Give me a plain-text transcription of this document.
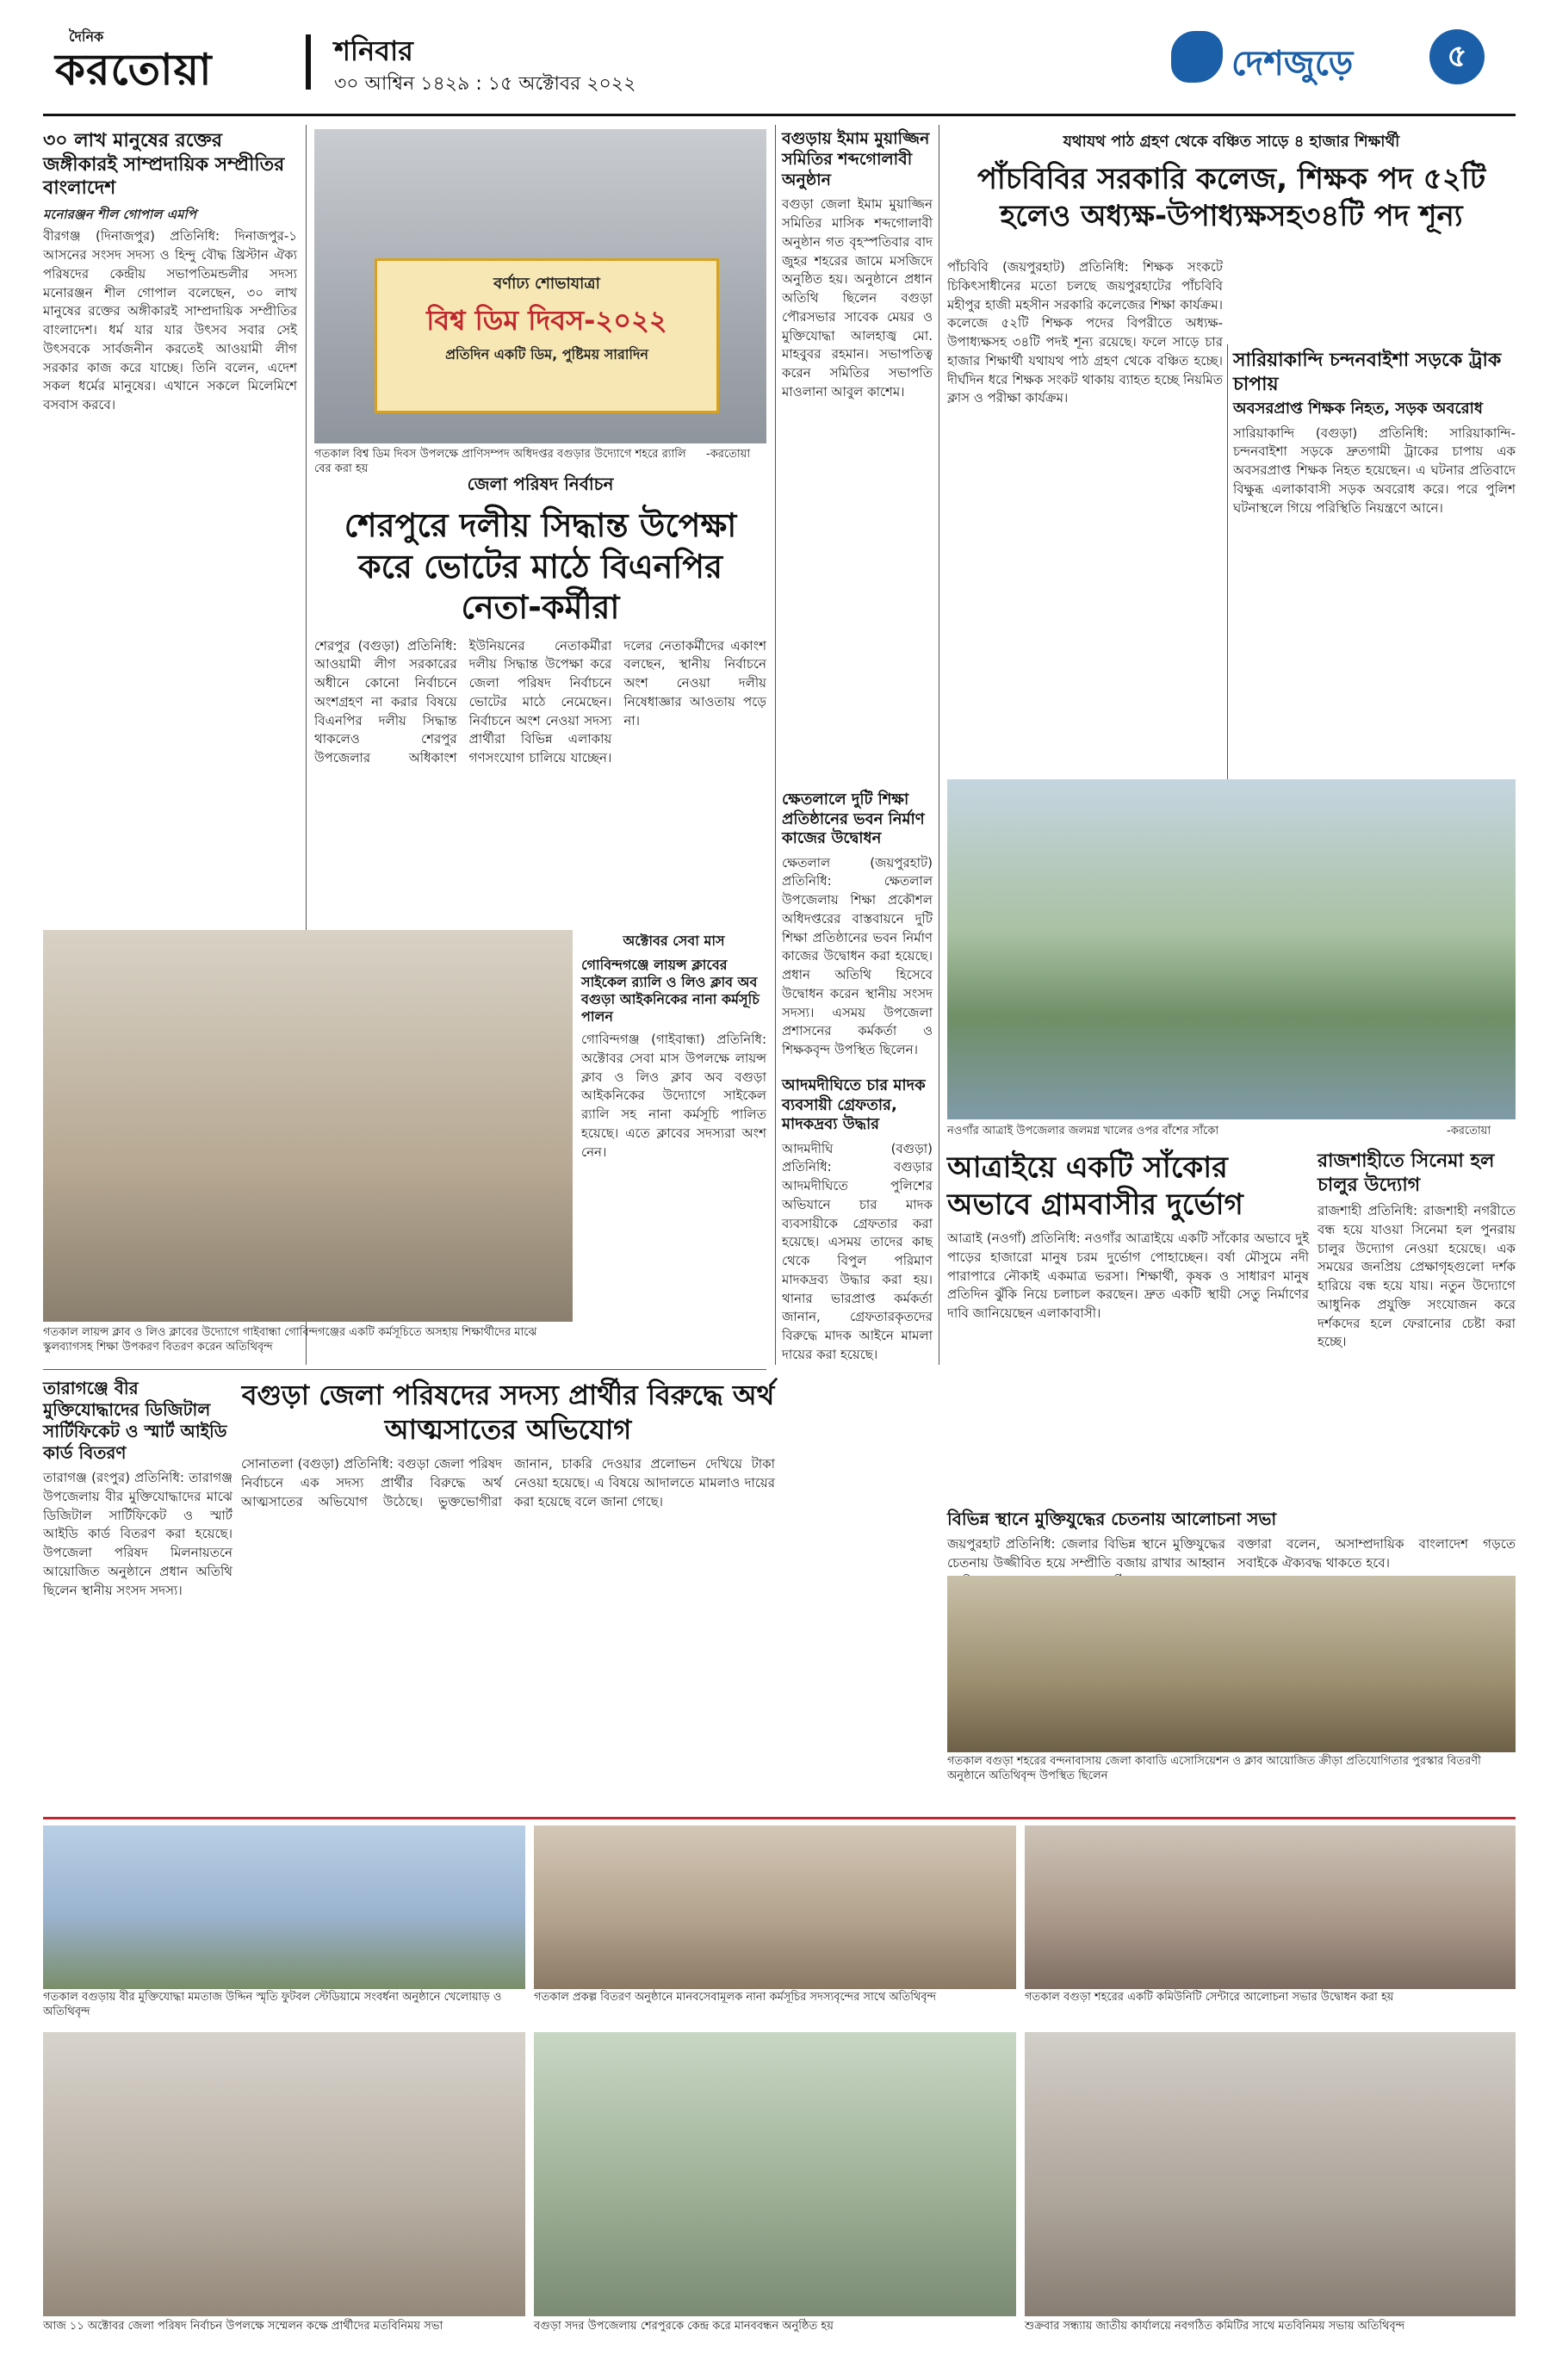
দৈনিক
করতোয়া	শনিবার
৩০ আশ্বিন ১৪২৯ : ১৫ অক্টোবর ২০২২
দেশজুড়ে	৫
৩০ লাখ মানুষের রক্তের জঙ্গীকারই সাম্প্রদায়িক সম্প্রীতির বাংলাদেশ
মনোরঞ্জন শীল গোপাল এমপি
বীরগঞ্জ (দিনাজপুর) প্রতিনিধি: দিনাজপুর-১ আসনের সংসদ সদস্য ও হিন্দু বৌদ্ধ খ্রিস্টান ঐক্য পরিষদের কেন্দ্রীয় সভাপতিমন্ডলীর সদস্য মনোরঞ্জন শীল গোপাল বলেছেন, ৩০ লাখ মানুষের রক্তের অঙ্গীকারই সাম্প্রদায়িক সম্প্রীতির বাংলাদেশ। ধর্ম যার যার উৎসব সবার সেই উৎসবকে সার্বজনীন করতেই আওয়ামী লীগ সরকার কাজ করে যাচ্ছে। তিনি বলেন, এদেশ সকল ধর্মের মানুষের। এখানে সকলে মিলেমিশে বসবাস করবে।
বর্ণাঢ্য শোভাযাত্রা
বিশ্ব ডিম দিবস-২০২২
প্রতিদিন একটি ডিম, পুষ্টিময় সারাদিন
গতকাল বিশ্ব ডিম দিবস উপলক্ষে প্রাণিসম্পদ অধিদপ্তর বগুড়ার উদ্যোগে শহরে র‌্যালি বের করা হয়
-করতোয়া
জেলা পরিষদ নির্বাচন
শেরপুরে দলীয় সিদ্ধান্ত উপেক্ষা করে ভোটের মাঠে বিএনপির নেতা-কর্মীরা
শেরপুর (বগুড়া) প্রতিনিধি: আওয়ামী লীগ সরকারের অধীনে কোনো নির্বাচনে অংশগ্রহণ না করার বিষয়ে বিএনপির দলীয় সিদ্ধান্ত থাকলেও শেরপুর উপজেলার অধিকাংশ ইউনিয়নের নেতাকর্মীরা দলীয় সিদ্ধান্ত উপেক্ষা করে জেলা পরিষদ নির্বাচনে ভোটের মাঠে নেমেছেন। নির্বাচনে অংশ নেওয়া সদস্য প্রার্থীরা বিভিন্ন এলাকায় গণসংযোগ চালিয়ে যাচ্ছেন। দলের নেতাকর্মীদের একাংশ বলছেন, স্থানীয় নির্বাচনে অংশ নেওয়া দলীয় নিষেধাজ্ঞার আওতায় পড়ে না।
বগুড়ায় ইমাম মুয়াজ্জিন সমিতির শব্দগোলাবী অনুষ্ঠান
বগুড়া জেলা ইমাম মুয়াজ্জিন সমিতির মাসিক শব্দগোলাবী অনুষ্ঠান গত বৃহস্পতিবার বাদ জুহর শহরের জামে মসজিদে অনুষ্ঠিত হয়। অনুষ্ঠানে প্রধান অতিথি ছিলেন বগুড়া পৌরসভার সাবেক মেয়র ও মুক্তিযোদ্ধা আলহাজ্ব মো. মাহবুবর রহমান। সভাপতিত্ব করেন সমিতির সভাপতি মাওলানা আবুল কাশেম।
যথাযথ পাঠ গ্রহণ থেকে বঞ্চিত সাড়ে ৪ হাজার শিক্ষার্থী
পাঁচবিবির সরকারি কলেজ, শিক্ষক পদ ৫২টি হলেও অধ্যক্ষ-উপাধ্যক্ষসহ৩৪টি পদ শূন্য
পাঁচবিবি (জয়পুরহাট) প্রতিনিধি: শিক্ষক সংকটে চিকিৎসাধীনের মতো চলছে জয়পুরহাটের পাঁচবিবি মহীপুর হাজী মহসীন সরকারি কলেজের শিক্ষা কার্যক্রম। কলেজে ৫২টি শিক্ষক পদের বিপরীতে অধ্যক্ষ-উপাধ্যক্ষসহ ৩৪টি পদই শূন্য রয়েছে। ফলে সাড়ে চার হাজার শিক্ষার্থী যথাযথ পাঠ গ্রহণ থেকে বঞ্চিত হচ্ছে। দীর্ঘদিন ধরে শিক্ষক সংকট থাকায় ব্যাহত হচ্ছে নিয়মিত ক্লাস ও পরীক্ষা কার্যক্রম।
সারিয়াকান্দি চন্দনবাইশা সড়কে ট্রাক চাপায়
অবসরপ্রাপ্ত শিক্ষক নিহত, সড়ক অবরোধ
সারিয়াকান্দি (বগুড়া) প্রতিনিধি: সারিয়াকান্দি-চন্দনবাইশা সড়কে দ্রুতগামী ট্রাকের চাপায় এক অবসরপ্রাপ্ত শিক্ষক নিহত হয়েছেন। এ ঘটনার প্রতিবাদে বিক্ষুব্ধ এলাকাবাসী সড়ক অবরোধ করে। পরে পুলিশ ঘটনাস্থলে গিয়ে পরিস্থিতি নিয়ন্ত্রণে আনে।
ক্ষেতলালে দুটি শিক্ষা প্রতিষ্ঠানের ভবন নির্মাণ কাজের উদ্বোধন
ক্ষেতলাল (জয়পুরহাট) প্রতিনিধি: ক্ষেতলাল উপজেলায় শিক্ষা প্রকৌশল অধিদপ্তরের বাস্তবায়নে দুটি শিক্ষা প্রতিষ্ঠানের ভবন নির্মাণ কাজের উদ্বোধন করা হয়েছে। প্রধান অতিথি হিসেবে উদ্বোধন করেন স্থানীয় সংসদ সদস্য। এসময় উপজেলা প্রশাসনের কর্মকর্তা ও শিক্ষকবৃন্দ উপস্থিত ছিলেন।
আদমদীঘিতে চার মাদক ব্যবসায়ী গ্রেফতার, মাদকদ্রব্য উদ্ধার
আদমদীঘি (বগুড়া) প্রতিনিধি: বগুড়ার আদমদীঘিতে পুলিশের অভিযানে চার মাদক ব্যবসায়ীকে গ্রেফতার করা হয়েছে। এসময় তাদের কাছ থেকে বিপুল পরিমাণ মাদকদ্রব্য উদ্ধার করা হয়। থানার ভারপ্রাপ্ত কর্মকর্তা জানান, গ্রেফতারকৃতদের বিরুদ্ধে মাদক আইনে মামলা দায়ের করা হয়েছে।
নওগাঁর আত্রাই উপজেলার জলমগ্ন খালের ওপর বাঁশের সাঁকো	-করতোয়া
আত্রাইয়ে একটি সাঁকোর অভাবে গ্রামবাসীর দুর্ভোগ
আত্রাই (নওগাঁ) প্রতিনিধি: নওগাঁর আত্রাইয়ে একটি সাঁকোর অভাবে দুই পাড়ের হাজারো মানুষ চরম দুর্ভোগ পোহাচ্ছেন। বর্ষা মৌসুমে নদী পারাপারে নৌকাই একমাত্র ভরসা। শিক্ষার্থী, কৃষক ও সাধারণ মানুষ প্রতিদিন ঝুঁকি নিয়ে চলাচল করছেন। দ্রুত একটি স্থায়ী সেতু নির্মাণের দাবি জানিয়েছেন এলাকাবাসী।
রাজশাহীতে সিনেমা হল চালুর উদ্যোগ
রাজশাহী প্রতিনিধি: রাজশাহী নগরীতে বন্ধ হয়ে যাওয়া সিনেমা হল পুনরায় চালুর উদ্যোগ নেওয়া হয়েছে। এক সময়ের জনপ্রিয় প্রেক্ষাগৃহগুলো দর্শক হারিয়ে বন্ধ হয়ে যায়। নতুন উদ্যোগে আধুনিক প্রযুক্তি সংযোজন করে দর্শকদের হলে ফেরানোর চেষ্টা করা হচ্ছে।
গতকাল লায়ন্স ক্লাব ও লিও ক্লাবের উদ্যোগে গাইবান্ধা গোবিন্দগঞ্জের একটি কর্মসূচিতে অসহায় শিক্ষার্থীদের মাঝে স্কুলব্যাগসহ শিক্ষা উপকরণ বিতরণ করেন অতিথিবৃন্দ
অক্টোবর সেবা মাস
গোবিন্দগঞ্জে লায়ন্স ক্লাবের সাইকেল র‌্যালি ও লিও ক্লাব অব বগুড়া আইকনিকের নানা কর্মসূচি পালন
গোবিন্দগঞ্জ (গাইবান্ধা) প্রতিনিধি: অক্টোবর সেবা মাস উপলক্ষে লায়ন্স ক্লাব ও লিও ক্লাব অব বগুড়া আইকনিকের উদ্যোগে সাইকেল র‌্যালি সহ নানা কর্মসূচি পালিত হয়েছে। এতে ক্লাবের সদস্যরা অংশ নেন।
তারাগঞ্জে বীর মুক্তিযোদ্ধাদের ডিজিটাল সার্টিফিকেট ও স্মার্ট আইডি কার্ড বিতরণ
তারাগঞ্জ (রংপুর) প্রতিনিধি: তারাগঞ্জ উপজেলায় বীর মুক্তিযোদ্ধাদের মাঝে ডিজিটাল সার্টিফিকেট ও স্মার্ট আইডি কার্ড বিতরণ করা হয়েছে। উপজেলা পরিষদ মিলনায়তনে আয়োজিত অনুষ্ঠানে প্রধান অতিথি ছিলেন স্থানীয় সংসদ সদস্য।
বগুড়া জেলা পরিষদের সদস্য প্রার্থীর বিরুদ্ধে অর্থ আত্মসাতের অভিযোগ
সোনাতলা (বগুড়া) প্রতিনিধি: বগুড়া জেলা পরিষদ নির্বাচনে এক সদস্য প্রার্থীর বিরুদ্ধে অর্থ আত্মসাতের অভিযোগ উঠেছে। ভুক্তভোগীরা জানান, চাকরি দেওয়ার প্রলোভন দেখিয়ে টাকা নেওয়া হয়েছে। এ বিষয়ে আদালতে মামলাও দায়ের করা হয়েছে বলে জানা গেছে।
বিভিন্ন স্থানে মুক্তিযুদ্ধের চেতনায় আলোচনা সভা
জয়পুরহাট প্রতিনিধি: জেলার বিভিন্ন স্থানে মুক্তিযুদ্ধের চেতনায় উজ্জীবিত হয়ে সম্প্রীতি বজায় রাখার আহ্বান বক্তারা বলেন, অসাম্প্রদায়িক বাংলাদেশ গড়তে সবাইকে ঐক্যবদ্ধ থাকতে হবে।
গতকাল বগুড়া শহরের বন্দনাবাসায় জেলা কাবাডি এসোসিয়েশন ও ক্লাব আয়োজিত ক্রীড়া প্রতিযোগিতার পুরস্কার বিতরণী অনুষ্ঠানে অতিথিবৃন্দ উপস্থিত ছিলেন
গতকাল বগুড়ায় বীর মুক্তিযোদ্ধা মমতাজ উদ্দিন স্মৃতি ফুটবল স্টেডিয়ামে সংবর্ধনা অনুষ্ঠানে খেলোয়াড় ও অতিথিবৃন্দ
গতকাল প্রকল্প বিতরণ অনুষ্ঠানে মানবসেবামূলক নানা কর্মসূচির সদস্যবৃন্দের সাথে অতিথিবৃন্দ	গতকাল বগুড়া শহরের একটি কমিউনিটি সেন্টারে আলোচনা সভার উদ্বোধন করা হয়
আজ ১১ অক্টোবর জেলা পরিষদ নির্বাচন উপলক্ষে সম্মেলন কক্ষে প্রার্থীদের মতবিনিময় সভা	বগুড়া সদর উপজেলায় শেরপুরকে কেন্দ্র করে মানববন্ধন অনুষ্ঠিত হয়	শুক্রবার সন্ধ্যায় জাতীয় কার্যালয়ে নবগঠিত কমিটির সাথে মতবিনিময় সভায় অতিথিবৃন্দ
